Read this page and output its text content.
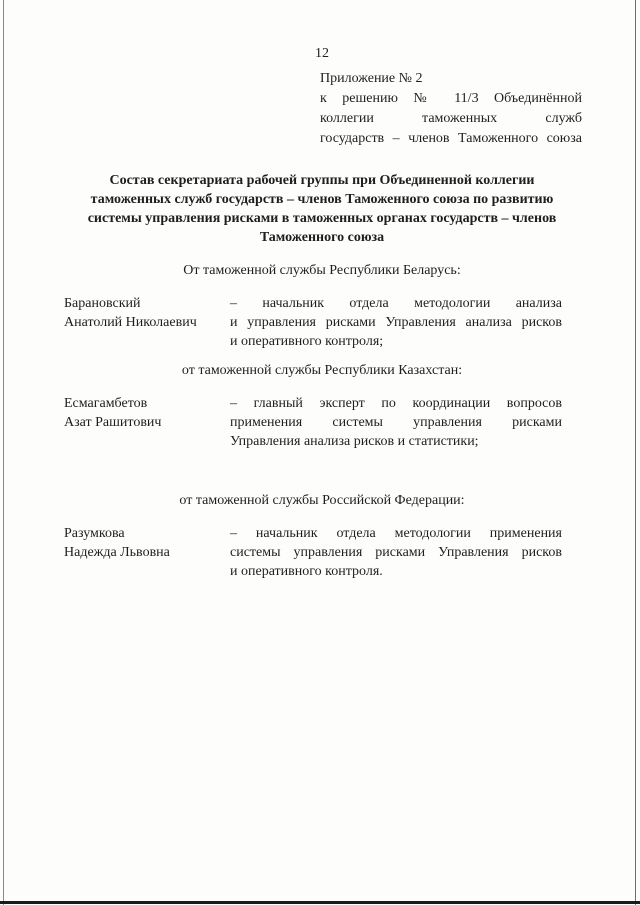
12
Приложение № 2
к решению № 11/3 Объединённой
коллегии таможенных служб
государств – членов Таможенного союза
Состав секретариата рабочей группы при Объединенной коллегии
таможенных служб государств – членов Таможенного союза по развитию
системы управления рисками в таможенных органах государств – членов
Таможенного союза
От таможенной службы Республики Беларусь:
Барановский
Анатолий Николаевич
– начальник отдела методологии анализа
и управления рисками Управления анализа рисков
и оперативного контроля;
от таможенной службы Республики Казахстан:
Есмагамбетов
Азат Рашитович
– главный эксперт по координации вопросов
применения системы управления рисками
Управления анализа рисков и статистики;
от таможенной службы Российской Федерации:
Разумкова
Надежда Львовна
– начальник отдела методологии применения
системы управления рисками Управления рисков
и оперативного контроля.
